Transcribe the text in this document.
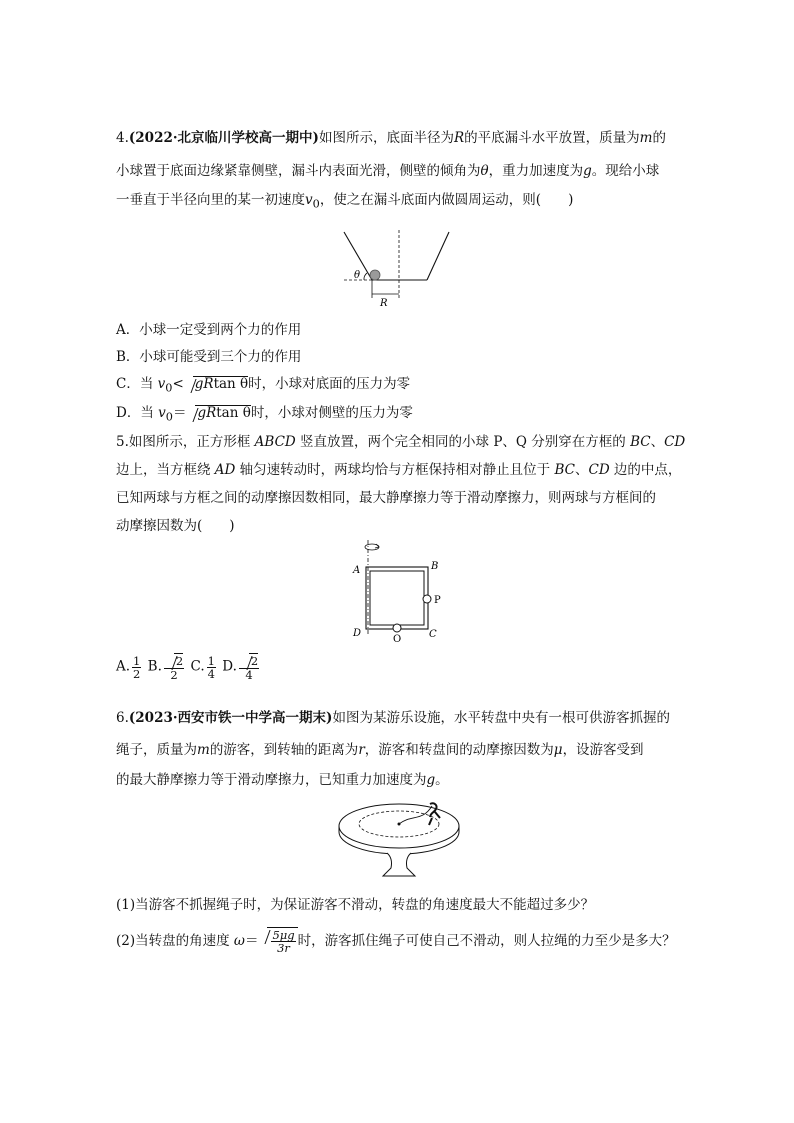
4.(2022·北京临川学校高一期中)如图所示，底面半径为R的平底漏斗水平放置，质量为m的
小球置于底面边缘紧靠侧壁，漏斗内表面光滑，侧壁的倾角为θ，重力加速度为g。现给小球
一垂直于半径向里的某一初速度$v_0$，使之在漏斗底面内做圆周运动，则(　　)
θ
R
A．小球一定受到两个力的作用
B．小球可能受到三个力的作用
C．当 $v_0< gRtan$ θ时，小球对底面的压力为零
D．当 $v_0= gRtan$ θ时，小球对侧壁的压力为零
5.如图所示，正方形框 ABCD 竖直放置，两个完全相同的小球 P、Q 分别穿在方框的 BC、CD
边上，当方框绕 AD 轴匀速转动时，两球均恰与方框保持相对静止且位于 BC、CD 边的中点，
已知两球与方框之间的动摩擦因数相同，最大静摩擦力等于滑动摩擦力，则两球与方框间的
动摩擦因数为(　　)
A	B
C
D
P
Q
A. $\frac{1}{2} B$. $\frac{2}{2} C$. $\frac{1}{4} D$. $\frac{2}{4}$
6.(2023·西安市铁一中学高一期末)如图为某游乐设施，水平转盘中央有一根可供游客抓握的
绳子，质量为m的游客，到转轴的距离为r，游客和转盘间的动摩擦因数为μ，设游客受到
的最大静摩擦力等于滑动摩擦力，已知重力加速度为g。
(1)当游客不抓握绳子时，为保证游客不滑动，转盘的角速度最大不能超过多少？
(2)当转盘的角速度 $\omega= \frac{5\mu g}{3r}$ 时，游客抓住绳子可使自己不滑动，则人拉绳的力至少是多大？
